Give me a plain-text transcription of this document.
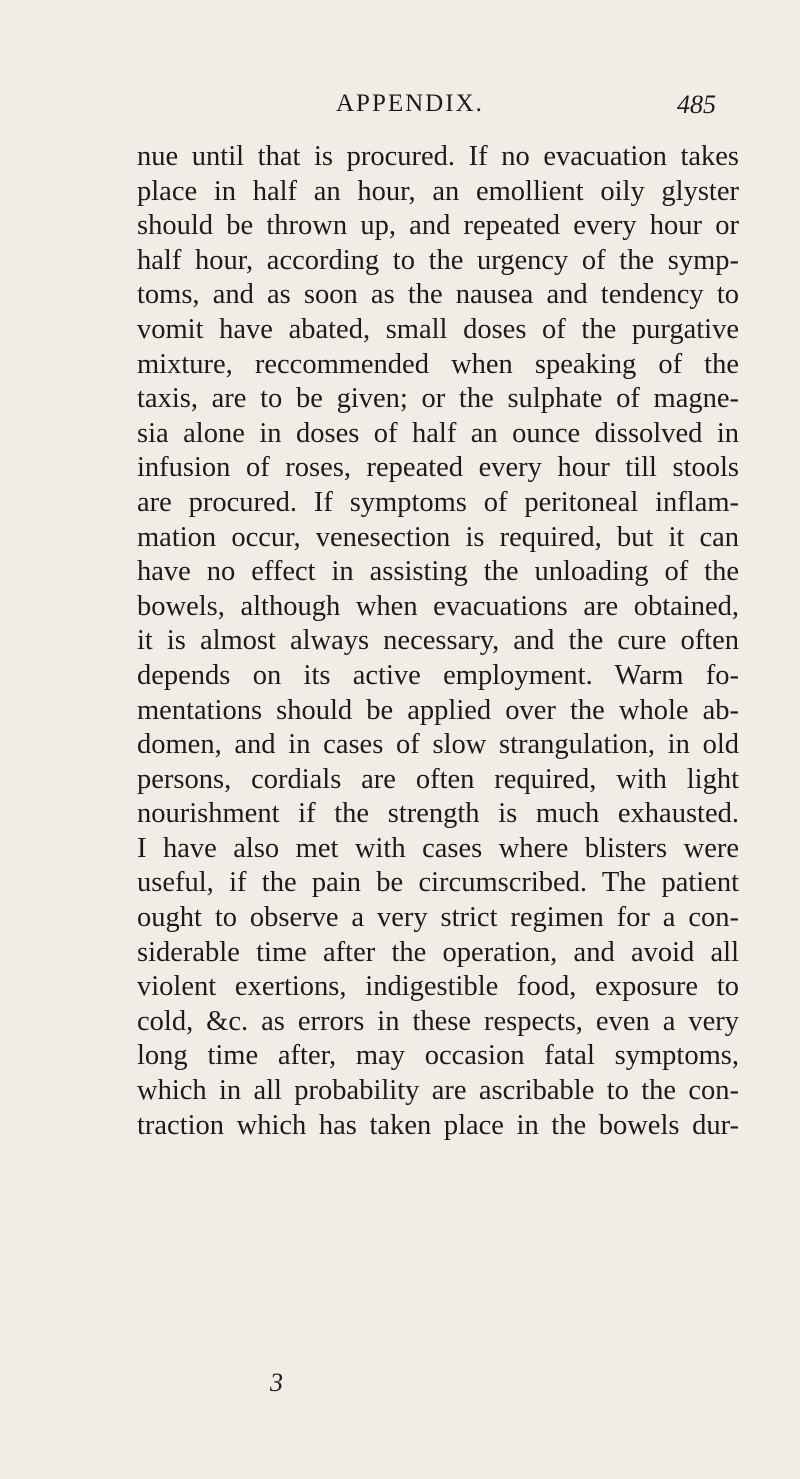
APPENDIX.	485
nue until that is procured. If no evacuation takes
place in half an hour, an emollient oily glyster
should be thrown up, and repeated every hour or
half hour, according to the urgency of the symp-
toms, and as soon as the nausea and tendency to
vomit have abated, small doses of the purgative
mixture, reccommended when speaking of the
taxis, are to be given; or the sulphate of magne-
sia alone in doses of half an ounce dissolved in
infusion of roses, repeated every hour till stools
are procured. If symptoms of peritoneal inflam-
mation occur, venesection is required, but it can
have no effect in assisting the unloading of the
bowels, although when evacuations are obtained,
it is almost always necessary, and the cure often
depends on its active employment. Warm fo-
mentations should be applied over the whole ab-
domen, and in cases of slow strangulation, in old
persons, cordials are often required, with light
nourishment if the strength is much exhausted.
I have also met with cases where blisters were
useful, if the pain be circumscribed. The patient
ought to observe a very strict regimen for a con-
siderable time after the operation, and avoid all
violent exertions, indigestible food, exposure to
cold, &c. as errors in these respects, even a very
long time after, may occasion fatal symptoms,
which in all probability are ascribable to the con-
traction which has taken place in the bowels dur-
3
